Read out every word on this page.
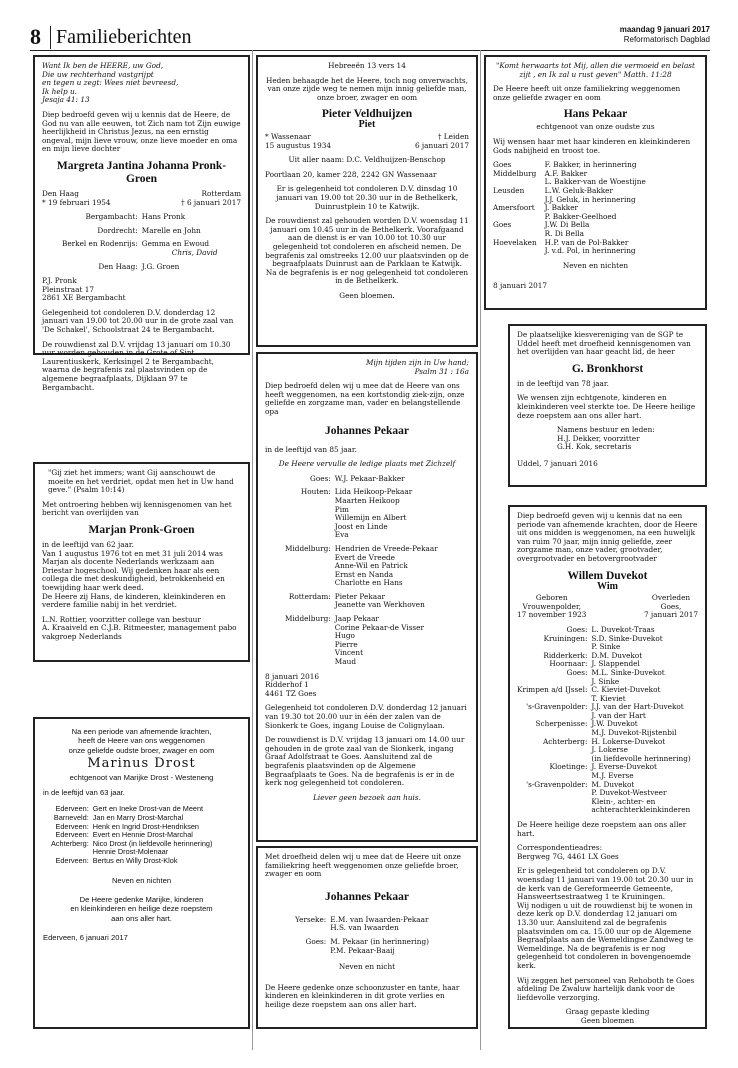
8 Familieberichten	maandag 9 januari 2017
Reformatorisch Dagblad
Want Ik ben de HEERE, uw God,
Die uw rechterhand vastgrijpt
en tegen u zegt: Wees niet bevreesd,
Ik help u.
Jesaja 41: 13

Diep bedroefd geven wij u kennis dat de Heere, de God nu van alle eeuwen, tot Zich nam tot Zijn euwige heerlijkheid in Christus Jezus, na een ernstig ongeval, mijn lieve vrouw, onze lieve moeder en oma en mijn lieve dochter

Margreta Jantina Johanna Pronk-Groen
Den Haag	Rotterdam
* 19 februari 1954	† 6 januari 2017
Bergambacht:	Hans Pronk

Dordrecht:	Marelle en John

Berkel en Rodenrijs:	Gemma en Ewoud
	Chris, David

Den Haag:	J.G. Groen
P.J. Pronk
Pleinstraat 17
2861 XE Bergambacht

Gelegenheid tot condoleren D.V. donderdag 12 januari van 19.00 tot 20.00 uur in de grote zaal van 'De Schakel', Schoolstraat 24 te Bergambacht.

De rouwdienst zal D.V. vrijdag 13 januari om 10.30 uur worden gehouden in de Grote of Sint Laurentiuskerk, Kerksingel 2 te Bergambacht, waarna de begrafenis zal plaatsvinden op de algemene begraafplaats, Dijklaan 97 te Bergambacht.

"Gij ziet het immers; want Gij aanschouwt de moeite en het verdriet, opdat men het in Uw hand geve." (Psalm 10:14)

Met ontroering hebben wij kennisgenomen van het bericht van overlijden van

Marjan Pronk-Groen
in de leeftijd van 62 jaar.
Van 1 augustus 1976 tot en met 31 juli 2014 was Marjan als docente Nederlands werkzaam aan Driestar hogeschool. Wij gedenken haar als een collega die met deskundigheid, betrokkenheid en toewijding haar werk deed.

De Heere zij Hans, de kinderen, kleinkinderen en verdere familie nabij in het verdriet.

L.N. Rottier, voorzitter college van bestuur
A. Kraaiveld en C.J.B. Ritmeester, management pabo vakgroep Nederlands
Na een periode van afnemende krachten,
heeft de Heere van ons weggenomen
onze geliefde oudste broer, zwager en oom
Marinus Drost
echtgenoot van Marijke Drost - Westeneng
in de leeftijd van 63 jaar.
Ederveen:	Gert en Ineke Drost-van de Meent
Barneveld:	Jan en Marry Drost-Marchal
Ederveen:	Henk en Ingrid Drost-Hendriksen
Ederveen:	Evert en Hennie Drost-Marchal
Achterberg:	Nico Drost (in liefdevolle herinnering)
	Hennie Drost-Molenaar
Ederveen:	Bertus en Willy Drost-Klok
Neven en nichten
De Heere gedenke Marijke, kinderen
en kleinkinderen en heilige deze roepstem
aan ons aller hart.
Ederveen, 6 januari 2017

Hebreeën 13 vers 14

Heden behaagde het de Heere, toch nog onverwachts, van onze zijde weg te nemen mijn innig geliefde man, onze broer, zwager en oom

Pieter Veldhuijzen
Piet
* Wassenaar	† Leiden
15 augustus 1934	6 januari 2017

Uit aller naam: D.C. Veldhuijzen-Benschop

Poortlaan 20, kamer 228, 2242 GN Wassenaar

Er is gelegenheid tot condoleren D.V. dinsdag 10 januari van 19.00 tot 20.30 uur in de Bethelkerk, Duinrustplein 10 te Katwijk.

De rouwdienst zal gehouden worden D.V. woensdag 11 januari om 10.45 uur in de Bethelkerk. Voorafgaand aan de dienst is er van 10.00 tot 10.30 uur gelegenheid tot condoleren en afscheid nemen. De begrafenis zal omstreeks 12.00 uur plaatsvinden op de begraafplaats Duinrust aan de Parklaan te Katwijk.

Na de begrafenis is er nog gelegenheid tot condoleren in de Bethelkerk.

Geen bloemen.
Mijn tijden zijn in Uw hand;
Psalm 31 : 16a

Diep bedroefd delen wij u mee dat de Heere van ons heeft weggenomen, na een kortstondig ziek-zijn, onze geliefde en zorgzame man, vader en belangstellende opa

Johannes Pekaar

in de leeftijd van 85 jaar.

De Heere vervulle de ledige plaats met Zichzelf

Goes:	W.J. Pekaar-Bakker

Houten:	Lida Heikoop-Pekaar
	Maarten Heikoop
	Pim
	Willemijn en Albert
	Joost en Linde
	Eva

Middelburg:	Hendrien de Vreede-Pekaar
	Evert de Vreede
	Anne-Wil en Patrick
	Ernst en Nanda
	Charlotte en Hans

Rotterdam:	Pieter Pekaar
	Jeanette van Werkhoven

Middelburg:	Jaap Pekaar
	Corine Pekaar-de Visser
	Hugo
	Pierre
	Vincent
	Maud
8 januari 2016
Ridderhof 1
4461 TZ Goes

Gelegenheid tot condoleren D.V. donderdag 12 januari van 19.30 tot 20.00 uur in één der zalen van de Sionkerk te Goes, ingang Louise de Colignylaan.

De rouwdienst is D.V. vrijdag 13 januari om 14.00 uur gehouden in de grote zaal van de Sionkerk, ingang Graaf Adolfstraat te Goes. Aansluitend zal de begrafenis plaatsvinden op de Algemene Begraafplaats te Goes. Na de begrafenis is er in de kerk nog gelegenheid tot condoleren.

Liever geen bezoek aan huis.

Met droefheid delen wij u mee dat de Heere uit onze familiekring heeft weggenomen onze geliefde broer, zwager en oom

Johannes Pekaar
Yerseke:	E.M. van Iwaarden-Pekaar
	H.S. van Iwaarden

Goes:	M. Pekaar (in herinnering)
	P.M. Pekaar-Baaij

Neven en nicht

De Heere gedenke onze schoonzuster en tante, haar kinderen en kleinkinderen in dit grote verlies en heilige deze roepstem aan ons aller hart.

"Komt herwaarts tot Mij, allen die vermoeid en belast zijt , en Ik zal u rust geven" Matth. 11:28

De Heere heeft uit onze familiekring weggenomen onze geliefde zwager en oom

Hans Pekaar

echtgenoot van onze oudste zus

Wij wensen haar met haar kinderen en kleinkinderen Gods nabijheid en troost toe.

Goes	F. Bakker, in herinnering
Middelburg	A.F. Bakker
	L. Bakker-van de Woestijne
Leusden	L.W. Geluk-Bakker
	J.J. Geluk, in herinnering
Amersfoort	J. Bakker
	P. Bakker-Geelhoed
Goes	J.W. Di Bella
	R. Di Bella
Hoevelaken	H.P. van de Pol-Bakker
	J. v.d. Pol, in herinnering

Neven en nichten

8 januari 2017

De plaatselijke kiesvereniging van de SGP te Uddel heeft met droefheid kennisgenomen van het overlijden van haar geacht lid, de heer

G. Bronkhorst

in de leeftijd van 78 jaar.

We wensen zijn echtgenote, kinderen en kleinkinderen veel sterkte toe. De Heere heilige deze roepstem aan ons aller hart.

Namens bestuur en leden:
H.J. Dekker, voorzitter
G.H. Kok, secretaris
Uddel, 7 januari 2016

Diep bedroefd geven wij u kennis dat na een periode van afnemende krachten, door de Heere uit ons midden is weggenomen, na een huwelijk van ruim 70 jaar, mijn innig geliefde, zeer zorgzame man, onze vader, grootvader, overgrootvader en betovergrootvader

Willem Duvekot
Wim
Geboren
Vrouwenpolder,
17 november 1923
Overleden
Goes,
7 januari 2017
Goes:	L. Duvekot-Traas
Kruiningen:	S.D. Sinke-Duvekot
	P. Sinke
Ridderkerk:	D.M. Duvekot
Hoornaar:	J. Slappendel
Goes:	M.L. Sinke-Duvekot
	J. Sinke
Krimpen a/d IJssel:	C. Kieviet-Duvekot
	T. Kieviet
's-Gravenpolder:	J.J. van der Hart-Duvekot
	J. van der Hart
Scherpenisse:	J.W. Duvekot
	M.J. Duvekot-Rijstenbil
Achterberg:	H. Lokerse-Duvekot
	J. Lokerse
	(in liefdevolle herinnering)
Kloetinge:	J. Everse-Duvekot
	M.J. Everse
's-Gravenpolder:	M. Duvekot
	P. Duvekot-Westveer
	Klein-, achter- en achterachterkleinkinderen

De Heere heilige deze roepstem aan ons aller hart.

Correspondentieadres:
Bergweg 7G, 4461 LX Goes

Er is gelegenheid tot condoleren op D.V. woensdag 11 januari van 19.00 tot 20.30 uur in de kerk van de Gereformeerde Gemeente, Hansweertsestraatweg 1 te Kruiningen.

Wij nodigen u uit de rouwdienst bij te wonen in deze kerk op D.V. donderdag 12 januari om 13.30 uur. Aansluitend zal de begrafenis plaatsvinden om ca. 15.00 uur op de Algemene Begraafplaats aan de Wemeldingse Zandweg te Wemeldinge. Na de begrafenis is er nog gelegenheid tot condoleren in bovengenoemde kerk.

Wij zeggen het personeel van Rehoboth te Goes afdeling De Zwaluw hartelijk dank voor de liefdevolle verzorging.

Graag gepaste kleding
Geen bloemen
